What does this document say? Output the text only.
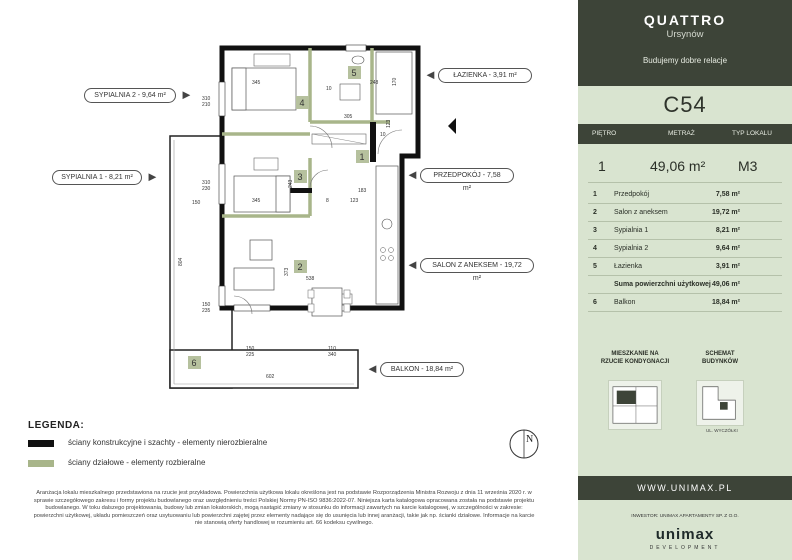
1
2
3
4
5
6
345
10
248	170
310
210
305
123
10
310
230	183
243
345	8	123
150
804
373
538
150
235
150
225
110
340
602
ŁAZIENKA - 3,91 m²
◄
SYPIALNIA 2 - 9,64 m²	►
SYPIALNIA 1 - 8,21 m²	►	PRZEDPOKÓJ - 7,58 m²
◄
SALON Z ANEKSEM - 19,72 m²
◄
BALKON - 18,84 m²
◄
LEGENDA:
ściany konstrukcyjne i szachty - elementy nierozbieralne
ściany działowe - elementy rozbieralne
N
Aranżacja lokalu mieszkalnego przedstawiona na rzucie jest przykładowa. Powierzchnia użytkowa lokalu określona jest na podstawie Rozporządzenia Ministra Rozwoju z dnia 11 września 2020 r. w sprawie szczegółowego zakresu i formy projektu budowlanego oraz uwzględnieniu treści Polskiej Normy PN-ISO 9836:2022-07. Niniejsza karta katalogowa opracowana została na podstawie projektu budowlanego. W toku dalszego projektowania, budowy lub zmian lokatorskich, mogą nastąpić zmiany w stosunku do informacji zawartych na karcie katalogowej, w szczególności w zakresie: powierzchni użytkowej, układu pomieszczeń oraz usytuowaniu lub powierzchni zajętej przez elementy nadające się do usunięcia lub innej aranżacji, takie jak np. ścianki działowe. Informacje na karcie nie stanowią oferty handlowej w rozumieniu art. 66 kodeksu cywilnego.
QUATTRO
Ursynów
Budujemy dobre relacje
C54
PIĘTRO	METRAŻ	TYP LOKALU
1	49,06 m² M3
1 Przedpokój	7,58 m²
2 Salon z aneksem	19,72 m²
3 Sypialnia 1	8,21 m²
4 Sypialnia 2	9,64 m²
5 Łazienka	3,91 m²
Suma powierzchni użytkowej 49,06 m²
6 Balkon	18,84 m²
MIESZKANIE NA RZUCIE KONDYGNACJI
SCHEMAT BUDYNKÓW
UL. WYCZÓŁKI
WWW.UNIMAX.PL
INWESTOR: UNIMAX APARTAMENTY SP. Z O.O.
unimax
DEVELOPMENT
